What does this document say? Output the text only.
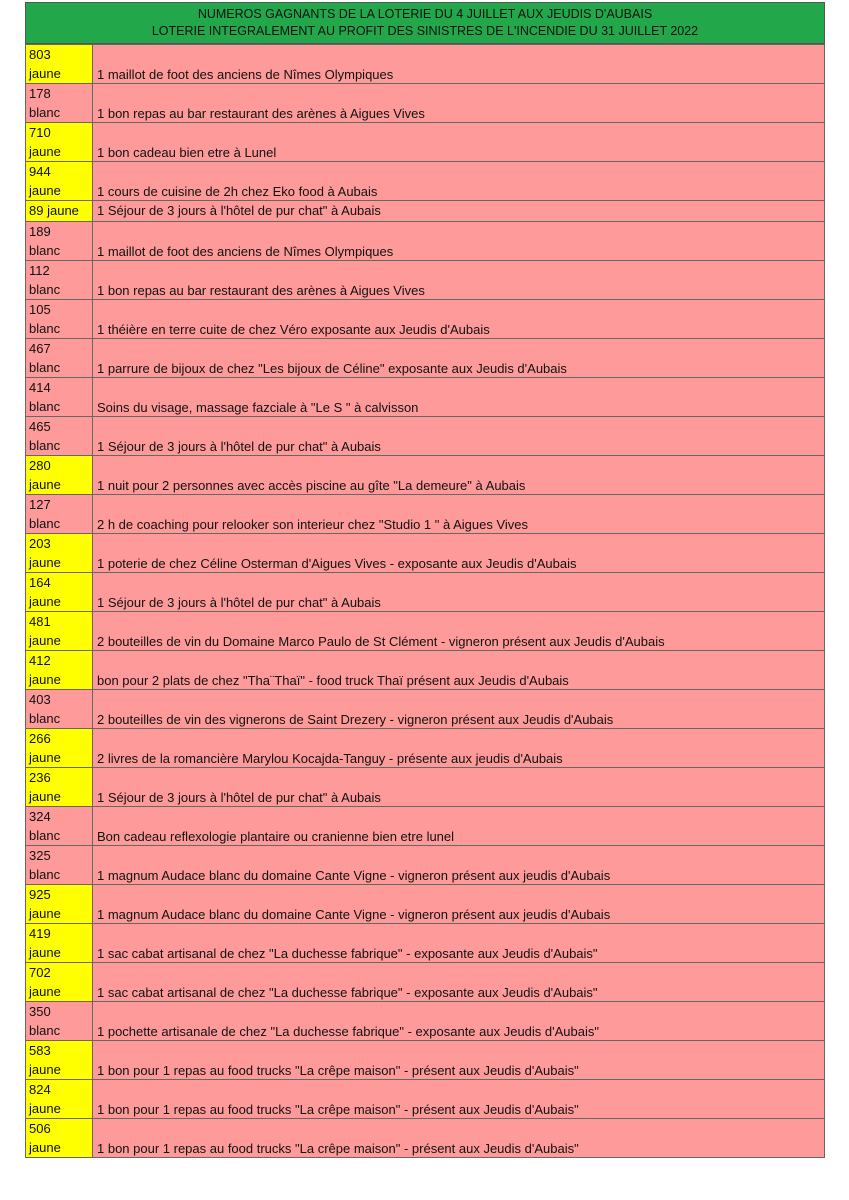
NUMEROS GAGNANTS DE LA LOTERIE DU 4 JUILLET AUX JEUDIS D'AUBAIS
LOTERIE INTEGRALEMENT AU PROFIT DES SINISTRES DE L'INCENDIE DU 31 JUILLET 2022
803
jaune	1 maillot de foot des anciens de Nîmes Olympiques
178
blanc	1 bon repas au bar restaurant des arènes à Aigues Vives
710
jaune	1 bon cadeau bien etre à Lunel
944
jaune	1 cours de cuisine de 2h chez Eko food à Aubais
89 jaune	1 Séjour de 3 jours à l'hôtel de pur chat" à Aubais
189
blanc	1 maillot de foot des anciens de Nîmes Olympiques
112
blanc	1 bon repas au bar restaurant des arènes à Aigues Vives
105
blanc	1 théière en terre cuite de chez Véro exposante aux Jeudis d'Aubais
467
blanc	1 parrure de bijoux de chez "Les bijoux de Céline" exposante aux Jeudis d'Aubais
414
blanc	Soins du visage, massage fazciale à "Le S " à calvisson
465
blanc	1 Séjour de 3 jours à l'hôtel de pur chat" à Aubais
280
jaune	1 nuit pour 2 personnes avec accès piscine au gîte "La demeure" à Aubais
127
blanc	2 h de coaching pour relooker son interieur chez "Studio 1 " à Aigues Vives
203
jaune	1 poterie de chez Céline Osterman d'Aigues Vives - exposante aux Jeudis d'Aubais
164
jaune	1 Séjour de 3 jours à l'hôtel de pur chat" à Aubais
481
jaune	2 bouteilles de vin du Domaine Marco Paulo de St Clément - vigneron présent aux Jeudis d'Aubais
412
jaune	bon pour 2 plats de chez "Tha¨Thaï" - food truck Thaï présent aux Jeudis d'Aubais
403
blanc	2 bouteilles de vin des vignerons de Saint Drezery - vigneron présent aux Jeudis d'Aubais
266
jaune	2 livres de la romancière Marylou Kocajda-Tanguy - présente aux jeudis d'Aubais
236
jaune	1 Séjour de 3 jours à l'hôtel de pur chat" à Aubais
324
blanc	Bon cadeau reflexologie plantaire ou cranienne bien etre lunel
325
blanc	1 magnum Audace blanc du domaine Cante Vigne - vigneron présent aux jeudis d'Aubais
925
jaune	1 magnum Audace blanc du domaine Cante Vigne - vigneron présent aux jeudis d'Aubais
419
jaune	1 sac cabat artisanal de chez "La duchesse fabrique" - exposante aux Jeudis d'Aubais"
702
jaune	1 sac cabat artisanal de chez "La duchesse fabrique" - exposante aux Jeudis d'Aubais"
350
blanc	1 pochette artisanale de chez "La duchesse fabrique" - exposante aux Jeudis d'Aubais"
583
jaune	1 bon pour 1 repas au food trucks "La crêpe maison" - présent aux Jeudis d'Aubais"
824
jaune	1 bon pour 1 repas au food trucks "La crêpe maison" - présent aux Jeudis d'Aubais"
506
jaune	1 bon pour 1 repas au food trucks "La crêpe maison" - présent aux Jeudis d'Aubais"
